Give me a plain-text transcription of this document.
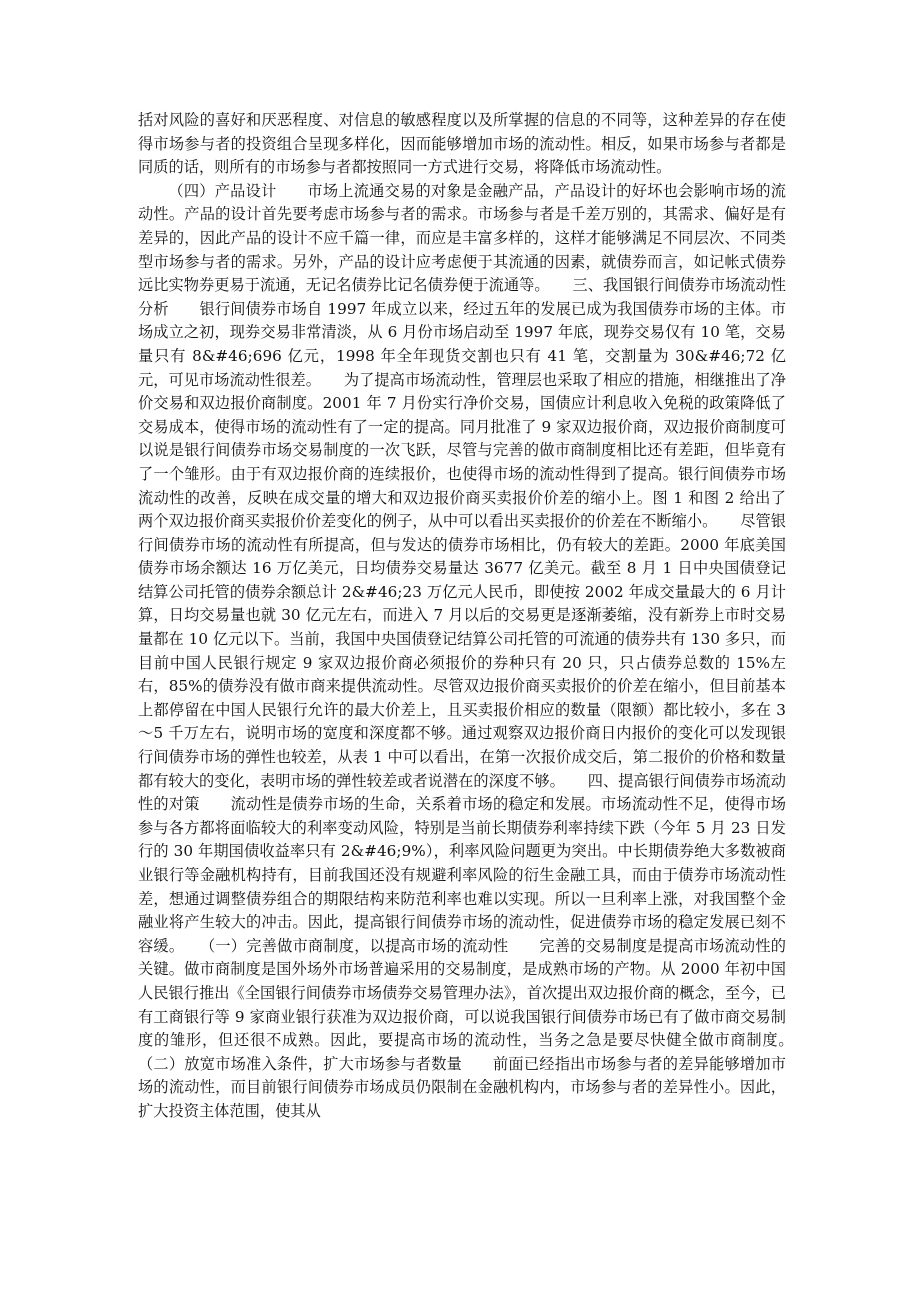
括对风险的喜好和厌恶程度、对信息的敏感程度以及所掌握的信息的不同等，这种差异的存在使得市场参与者的投资组合呈现多样化，因而能够增加市场的流动性。相反，如果市场参与者都是同质的话，则所有的市场参与者都按照同一方式进行交易，将降低市场流动性。

（四）产品设计　　市场上流通交易的对象是金融产品，产品设计的好坏也会影响市场的流动性。产品的设计首先要考虑市场参与者的需求。市场参与者是千差万别的，其需求、偏好是有差异的，因此产品的设计不应千篇一律，而应是丰富多样的，这样才能够满足不同层次、不同类型市场参与者的需求。另外，产品的设计应考虑便于其流通的因素，就债券而言，如记帐式债券远比实物券更易于流通，无记名债券比记名债券便于流通等。　　三、我国银行间债券市场流动性分析　　银行间债券市场自 1997 年成立以来，经过五年的发展已成为我国债券市场的主体。市场成立之初，现券交易非常清淡，从 6 月份市场启动至 1997 年底，现券交易仅有 10 笔，交易量只有 8&#46;696 亿元，1998 年全年现货交割也只有 41 笔，交割量为 30&#46;72 亿元，可见市场流动性很差。　　为了提高市场流动性，管理层也采取了相应的措施，相继推出了净价交易和双边报价商制度。2001 年 7 月份实行净价交易，国债应计利息收入免税的政策降低了交易成本，使得市场的流动性有了一定的提高。同月批准了 9 家双边报价商，双边报价商制度可以说是银行间债券市场交易制度的一次飞跃，尽管与完善的做市商制度相比还有差距，但毕竟有了一个雏形。由于有双边报价商的连续报价，也使得市场的流动性得到了提高。银行间债券市场流动性的改善，反映在成交量的增大和双边报价商买卖报价价差的缩小上。图 1 和图 2 给出了两个双边报价商买卖报价价差变化的例子，从中可以看出买卖报价的价差在不断缩小。　　尽管银行间债券市场的流动性有所提高，但与发达的债券市场相比，仍有较大的差距。2000 年底美国债券市场余额达 16 万亿美元，日均债券交易量达 3677 亿美元。截至 8 月 1 日中央国债登记结算公司托管的债券余额总计 2&#46;23 万亿元人民币，即使按 2002 年成交量最大的 6 月计算，日均交易量也就 30 亿元左右，而进入 7 月以后的交易更是逐渐萎缩，没有新券上市时交易量都在 10 亿元以下。当前，我国中央国债登记结算公司托管的可流通的债券共有 130 多只，而目前中国人民银行规定 9 家双边报价商必须报价的券种只有 20 只，只占债券总数的 15%左右，85%的债券没有做市商来提供流动性。尽管双边报价商买卖报价的价差在缩小，但目前基本上都停留在中国人民银行允许的最大价差上，且买卖报价相应的数量（限额）都比较小，多在 3～5 千万左右，说明市场的宽度和深度都不够。通过观察双边报价商日内报价的变化可以发现银行间债券市场的弹性也较差，从表 1 中可以看出，在第一次报价成交后，第二报价的价格和数量都有较大的变化，表明市场的弹性较差或者说潜在的深度不够。　　四、提高银行间债券市场流动性的对策　　流动性是债券市场的生命，关系着市场的稳定和发展。市场流动性不足，使得市场参与各方都将面临较大的利率变动风险，特别是当前长期债券利率持续下跌（今年 5 月 23 日发行的 30 年期国债收益率只有 2&#46;9%），利率风险问题更为突出。中长期债券绝大多数被商业银行等金融机构持有，目前我国还没有规避利率风险的衍生金融工具，而由于债券市场流动性差，想通过调整债券组合的期限结构来防范利率也难以实现。所以一旦利率上涨，对我国整个金融业将产生较大的冲击。因此，提高银行间债券市场的流动性，促进债券市场的稳定发展已刻不容缓。　　（一）完善做市商制度，以提高市场的流动性　　完善的交易制度是提高市场流动性的关键。做市商制度是国外场外市场普遍采用的交易制度，是成熟市场的产物。从 2000 年初中国人民银行推出《全国银行间债券市场债券交易管理办法》，首次提出双边报价商的概念，至今，已有工商银行等 9 家商业银行获准为双边报价商，可以说我国银行间债券市场已有了做市商交易制度的雏形，但还很不成熟。因此，要提高市场的流动性，当务之急是要尽快健全做市商制度。　　（二）放宽市场准入条件，扩大市场参与者数量　　前面已经指出市场参与者的差异能够增加市场的流动性，而目前银行间债券市场成员仍限制在金融机构内，市场参与者的差异性小。因此，扩大投资主体范围，使其从
